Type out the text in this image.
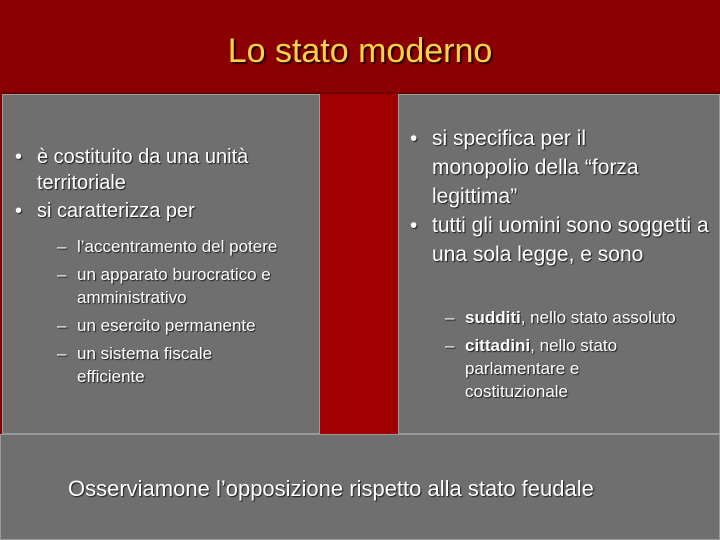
Lo stato moderno
• è costituito da una unità territoriale
• si caratterizza per
– l’accentramento del potere
– un apparato burocratico e amministrativo
– un esercito permanente
– un sistema fiscale efficiente
• si specifica per il monopolio della “forza legittima”
• tutti gli uomini sono soggetti a una sola legge, e sono
– sudditi, nello stato assoluto
– cittadini, nello stato parlamentare e costituzionale
Osserviamone l’opposizione rispetto alla stato feudale
